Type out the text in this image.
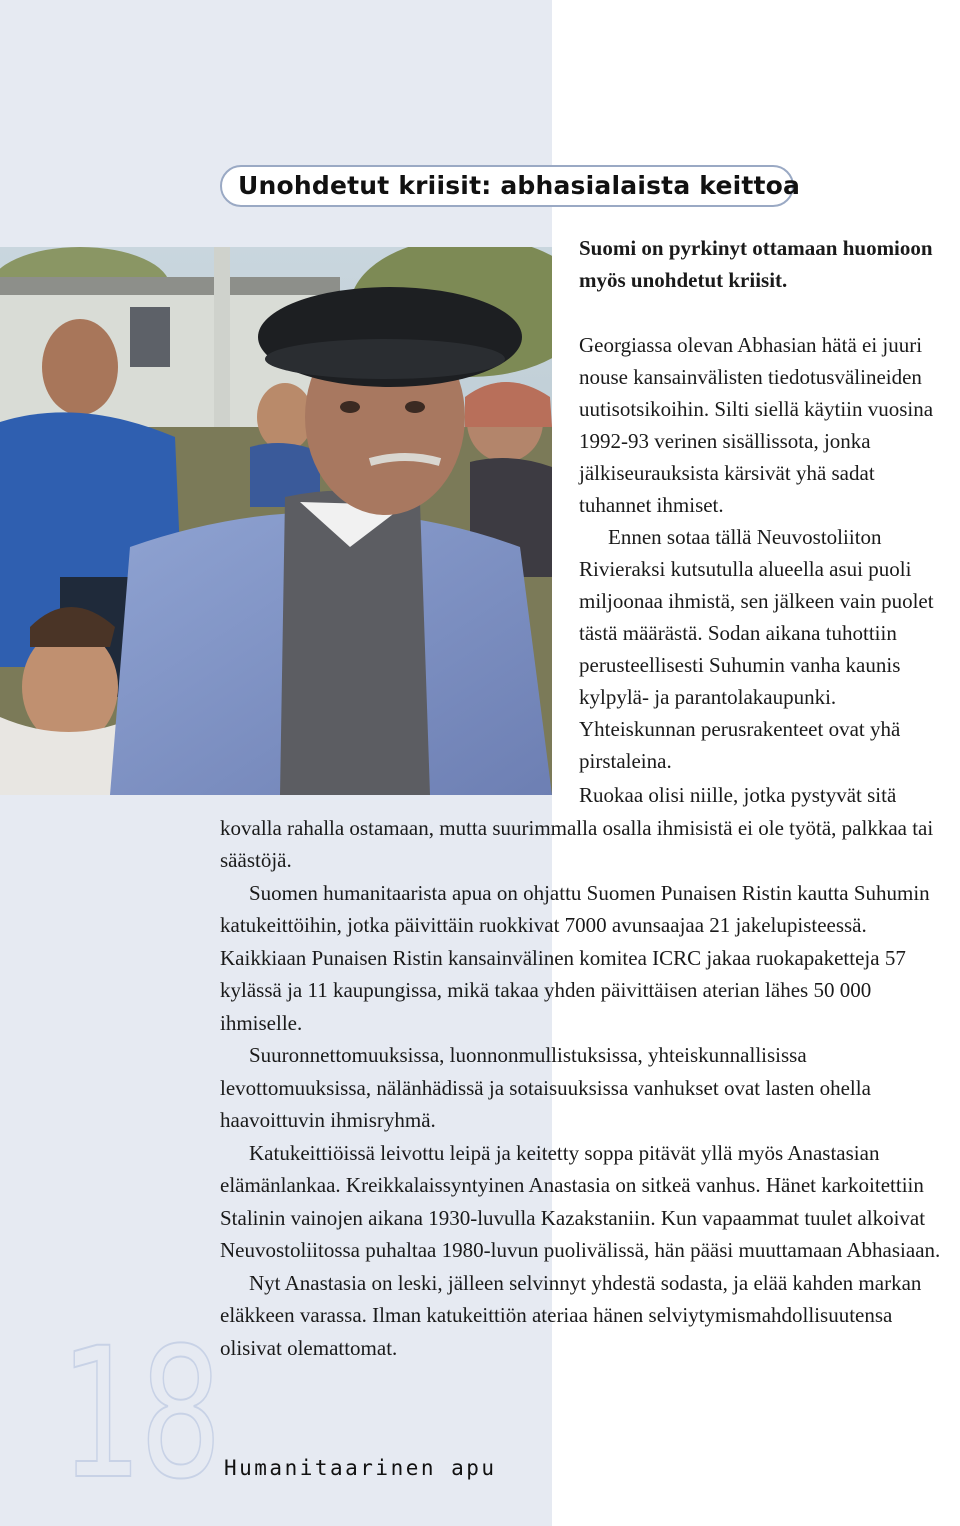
Unohdetut kriisit: abhasialaista keittoa
Suomi on pyrkinyt ottamaan huomioon myös unohdetut kriisit.

Georgiassa olevan Abhasian hätä ei juuri nouse kansainvälisten tiedotusvälineiden uutisotsikoihin. Silti siellä käytiin vuosina 1992-93 verinen sisällissota, jonka jälkiseurauksista kärsivät yhä sadat tuhannet ihmiset.

Ennen sotaa tällä Neuvostoliiton Rivieraksi kutsutulla alueella asui puoli miljoonaa ihmistä, sen jälkeen vain puolet tästä määrästä. Sodan aikana tuhottiin perusteellisesti Suhumin vanha kaunis kylpylä- ja parantolakaupunki. Yhteiskunnan perusrakenteet ovat yhä pirstaleina.

Ruokaa olisi niille, jotka pystyvät sitä kovalla rahalla ostamaan, mutta suurimmalla osalla ihmisistä ei ole työtä, palkkaa tai säästöjä.

Suomen humanitaarista apua on ohjattu Suomen Punaisen Ristin kautta Suhumin katukeittöihin, jotka päivittäin ruokkivat 7000 avunsaajaa 21 jakelupisteessä. Kaikkiaan Punaisen Ristin kansainvälinen komitea ICRC jakaa ruokapaketteja 57 kylässä ja 11 kaupungissa, mikä takaa yhden päivittäisen aterian lähes 50 000 ihmiselle.

Suuronnettomuuksissa, luonnonmullistuksissa, yhteiskunnallisissa levottomuuksissa, nälänhädissä ja sotaisuuksissa vanhukset ovat lasten ohella haavoittuvin ihmisryhmä.

Katukeittiöissä leivottu leipä ja keitetty soppa pitävät yllä myös Anastasian elämänlankaa. Kreikkalaissyntyinen Anastasia on sitkeä vanhus. Hänet karkoitettiin Stalinin vainojen aikana 1930-luvulla Kazakstaniin. Kun vapaammat tuulet alkoivat Neuvostoliitossa puhaltaa 1980-luvun puolivälissä, hän pääsi muuttamaan Abhasiaan.

Nyt Anastasia on leski, jälleen selvinnyt yhdestä sodasta, ja elää kahden markan eläkkeen varassa. Ilman katukeittiön ateriaa hänen selviytymismahdollisuutensa olisivat olemattomat.

18 Humanitaarinen apu
